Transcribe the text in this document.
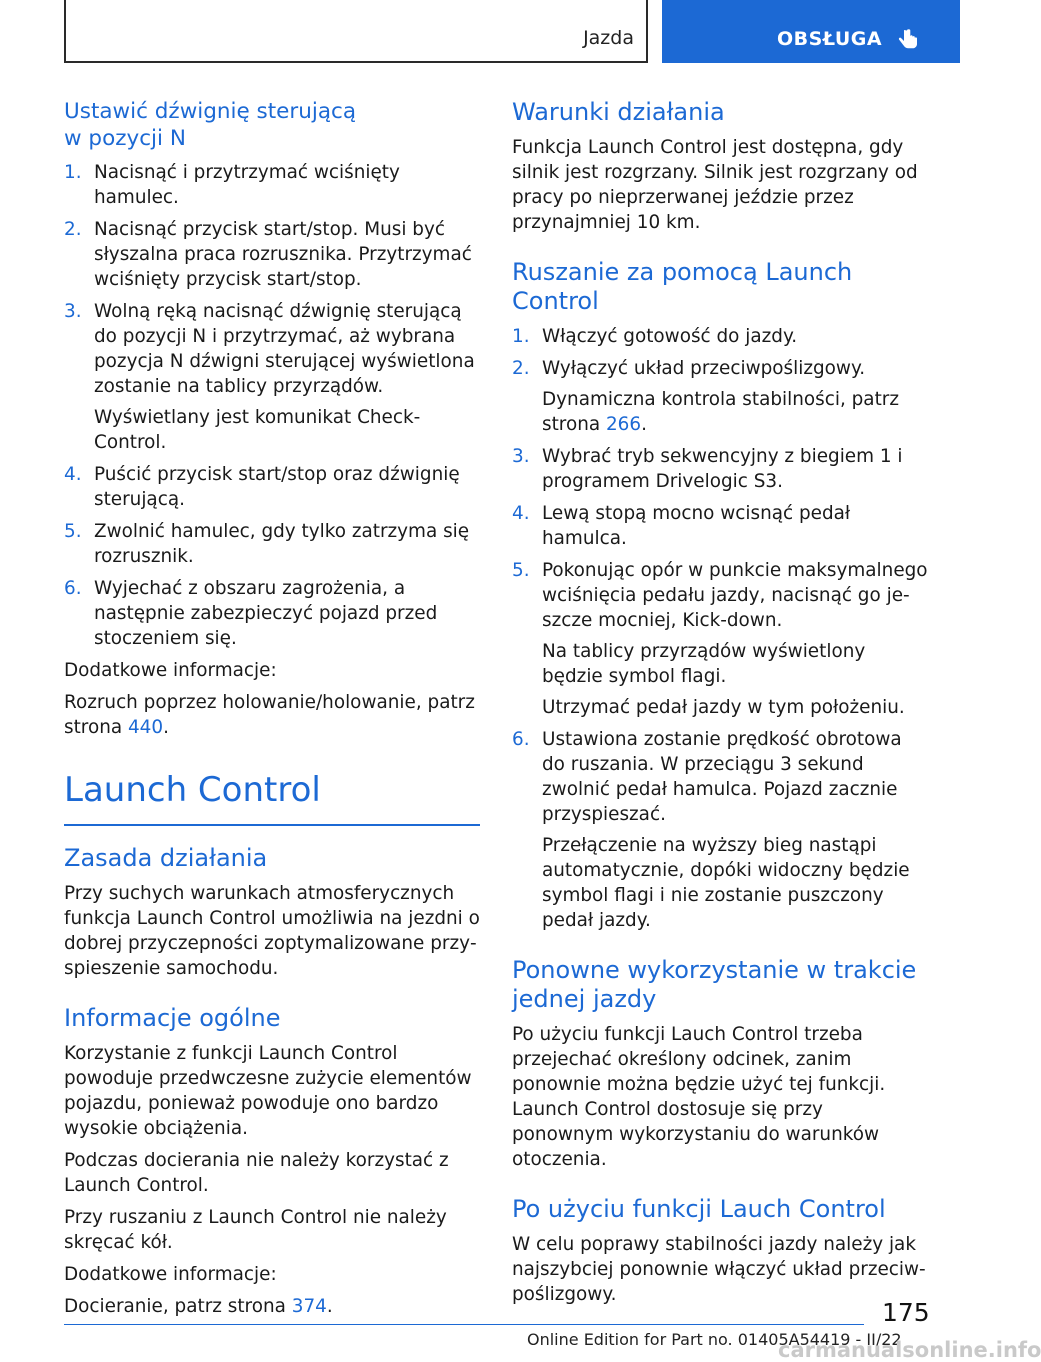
Jazda	OBSŁUGA
Ustawić dźwignię sterującą w pozycji N
1. Nacisnąć i przytrzymać wciśnięty hamulec.
2. Nacisnąć przycisk start/stop. Musi być słyszalna praca rozrusznika. Przytrzymać wciśnięty przycisk start/stop.
3. Wolną ręką nacisnąć dźwignię sterującą do pozycji N i przytrzymać, aż wybrana pozycja N dźwigni sterującej wyświetlona zostanie na tablicy przyrządów.

Wyświetlany jest komunikat Check-Control.

4. Puścić przycisk start/stop oraz dźwignię sterującą.
5. Zwolnić hamulec, gdy tylko zatrzyma się rozrusznik.
6. Wyjechać z obszaru zagrożenia, a następnie zabezpieczyć pojazd przed stoczeniem się.

Dodatkowe informacje:

Rozruch poprzez holowanie/holowanie, patrz strona 440.

Launch Control
Zasada działania

Przy suchych warunkach atmosferycznych funkcja Launch Control umożliwia na jezdni o dobrej przyczepności zoptymalizowane przyspieszenie samochodu.

Informacje ogólne

Korzystanie z funkcji Launch Control powoduje przedwczesne zużycie elementów pojazdu, ponieważ powoduje ono bardzo wysokie obciążenia.

Podczas docierania nie należy korzystać z Launch Control.

Przy ruszaniu z Launch Control nie należy skręcać kół.

Dodatkowe informacje:

Docieranie, patrz strona 374.

Warunki działania

Funkcja Launch Control jest dostępna, gdy silnik jest rozgrzany. Silnik jest rozgrzany od pracy po nieprzerwanej jeździe przez przynajmniej 10 km.

Ruszanie za pomocą Launch Control
1. Włączyć gotowość do jazdy.
2. Wyłączyć układ przeciwpoślizgowy.

Dynamiczna kontrola stabilności, patrz strona 266.

3. Wybrać tryb sekwencyjny z biegiem 1 i programem Drivelogic S3.
4. Lewą stopą mocno wcisnąć pedał hamulca.
5. Pokonując opór w punkcie maksymalnego wciśnięcia pedału jazdy, nacisnąć go jeszcze mocniej, Kick-down.

Na tablicy przyrządów wyświetlony będzie symbol flagi.

Utrzymać pedał jazdy w tym położeniu.

6. Ustawiona zostanie prędkość obrotowa do ruszania. W przeciągu 3 sekund zwolnić pedał hamulca. Pojazd zacznie przyspieszać.

Przełączenie na wyższy bieg nastąpi automatycznie, dopóki widoczny będzie symbol flagi i nie zostanie puszczony pedał jazdy.

Ponowne wykorzystanie w trakcie jednej jazdy

Po użyciu funkcji Lauch Control trzeba przejechać określony odcinek, zanim ponownie można będzie użyć tej funkcji. Launch Control dostosuje się przy ponownym wykorzystaniu do warunków otoczenia.

Po użyciu funkcji Lauch Control

W celu poprawy stabilności jazdy należy jak najszybciej ponownie włączyć układ przeciwpoślizgowy.

175
Online Edition for Part no. 01405A54419 - II/22
carmanualsonline.info
